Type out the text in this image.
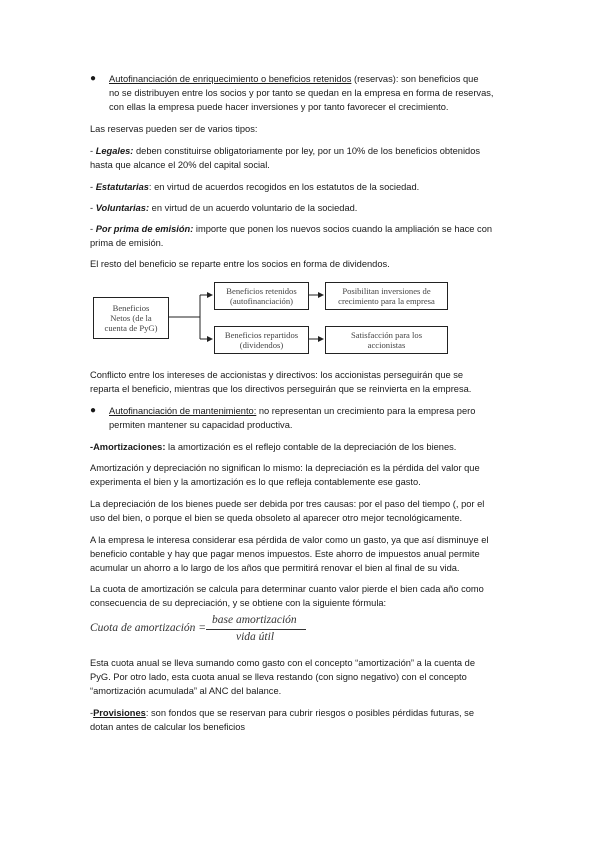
● Autofinanciación de enriquecimiento o beneficios retenidos (reservas): son beneficios que
no se distribuyen entre los socios y por tanto se quedan en la empresa en forma de reservas,
con ellas la empresa puede hacer inversiones y por tanto favorecer el crecimiento.

Las reservas pueden ser de varios tipos:

- Legales: deben constituirse obligatoriamente por ley, por un 10% de los beneficios obtenidos
hasta que alcance el 20% del capital social.

- Estatutarias: en virtud de acuerdos recogidos en los estatutos de la sociedad.

- Voluntarias: en virtud de un acuerdo voluntario de la sociedad.

- Por prima de emisión: importe que ponen los nuevos socios cuando la ampliación se hace con
prima de emisión.

El resto del beneficio se reparte entre los socios en forma de dividendos.

Beneficios
Netos (de la
cuenta de PyG)
Beneficios retenidos
(autofinanciación)
Posibilitan inversiones de
crecimiento para la empresa
Beneficios repartidos
(dividendos)
Satisfacción para los
accionistas

Conflicto entre los intereses de accionistas y directivos: los accionistas perseguirán que se
reparta el beneficio, mientras que los directivos perseguirán que se reinvierta en la empresa.

● Autofinanciación de mantenimiento: no representan un crecimiento para la empresa pero
permiten mantener su capacidad productiva.

-Amortizaciones: la amortización es el reflejo contable de la depreciación de los bienes.

Amortización y depreciación no significan lo mismo: la depreciación es la pérdida del valor que
experimenta el bien y la amortización es lo que refleja contablemente ese gasto.

La depreciación de los bienes puede ser debida por tres causas: por el paso del tiempo (, por el
uso del bien, o porque el bien se queda obsoleto al aparecer otro mejor tecnológicamente.

A la empresa le interesa considerar esa pérdida de valor como un gasto, ya que así disminuye el
beneficio contable y hay que pagar menos impuestos. Este ahorro de impuestos anual permite
acumular un ahorro a lo largo de los años que permitirá renovar el bien al final de su vida.

La cuota de amortización se calcula para determinar cuanto valor pierde el bien cada año como
consecuencia de su depreciación, y se obtiene con la siguiente fórmula:

Cuota de amortización =
base amortización
vida útil

Esta cuota anual se lleva sumando como gasto con el concepto “amortización” a la cuenta de
PyG. Por otro lado, esta cuota anual se lleva restando (con signo negativo) con el concepto
“amortización acumulada” al ANC del balance.

-Provisiones: son fondos que se reservan para cubrir riesgos o posibles pérdidas futuras, se
dotan antes de calcular los beneficios
